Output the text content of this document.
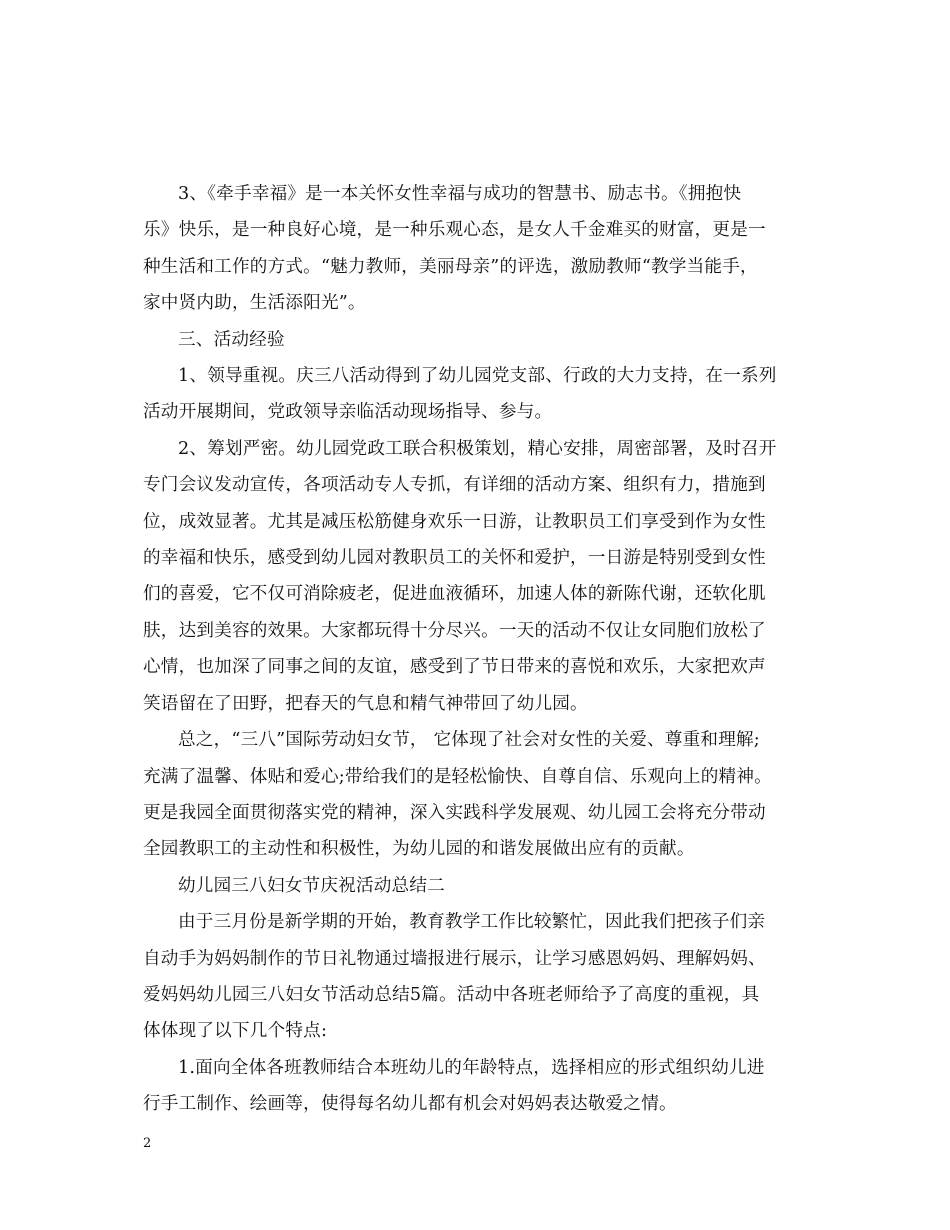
3、《牵手幸福》是一本关怀女性幸福与成功的智慧书、励志书。《拥抱快
乐》快乐，是一种良好心境，是一种乐观心态，是女人千金难买的财富，更是一
种生活和工作的方式。“魅力教师，美丽母亲”的评选，激励教师“教学当能手，
家中贤内助，生活添阳光”。

三、活动经验

1、领导重视。庆三八活动得到了幼儿园党支部、行政的大力支持，在一系列
活动开展期间，党政领导亲临活动现场指导、参与。

2、筹划严密。幼儿园党政工联合积极策划，精心安排，周密部署，及时召开
专门会议发动宣传，各项活动专人专抓，有详细的活动方案、组织有力，措施到
位，成效显著。尤其是减压松筋健身欢乐一日游，让教职员工们享受到作为女性
的幸福和快乐，感受到幼儿园对教职员工的关怀和爱护，一日游是特别受到女性
们的喜爱，它不仅可消除疲老，促进血液循环，加速人体的新陈代谢，还软化肌
肤，达到美容的效果。大家都玩得十分尽兴。一天的活动不仅让女同胞们放松了
心情，也加深了同事之间的友谊，感受到了节日带来的喜悦和欢乐，大家把欢声
笑语留在了田野，把春天的气息和精气神带回了幼儿园。

总之，“三八”国际劳动妇女节， 它体现了社会对女性的关爱、尊重和理解;
充满了温馨、体贴和爱心;带给我们的是轻松愉快、自尊自信、乐观向上的精神。
更是我园全面贯彻落实党的精神，深入实践科学发展观、幼儿园工会将充分带动
全园教职工的主动性和积极性，为幼儿园的和谐发展做出应有的贡献。

幼儿园三八妇女节庆祝活动总结二

由于三月份是新学期的开始，教育教学工作比较繁忙，因此我们把孩子们亲
自动手为妈妈制作的节日礼物通过墙报进行展示，让学习感恩妈妈、理解妈妈、
爱妈妈幼儿园三八妇女节活动总结5篇。活动中各班老师给予了高度的重视，具
体体现了以下几个特点:

1.面向全体各班教师结合本班幼儿的年龄特点，选择相应的形式组织幼儿进
行手工制作、绘画等，使得每名幼儿都有机会对妈妈表达敬爱之情。

2
